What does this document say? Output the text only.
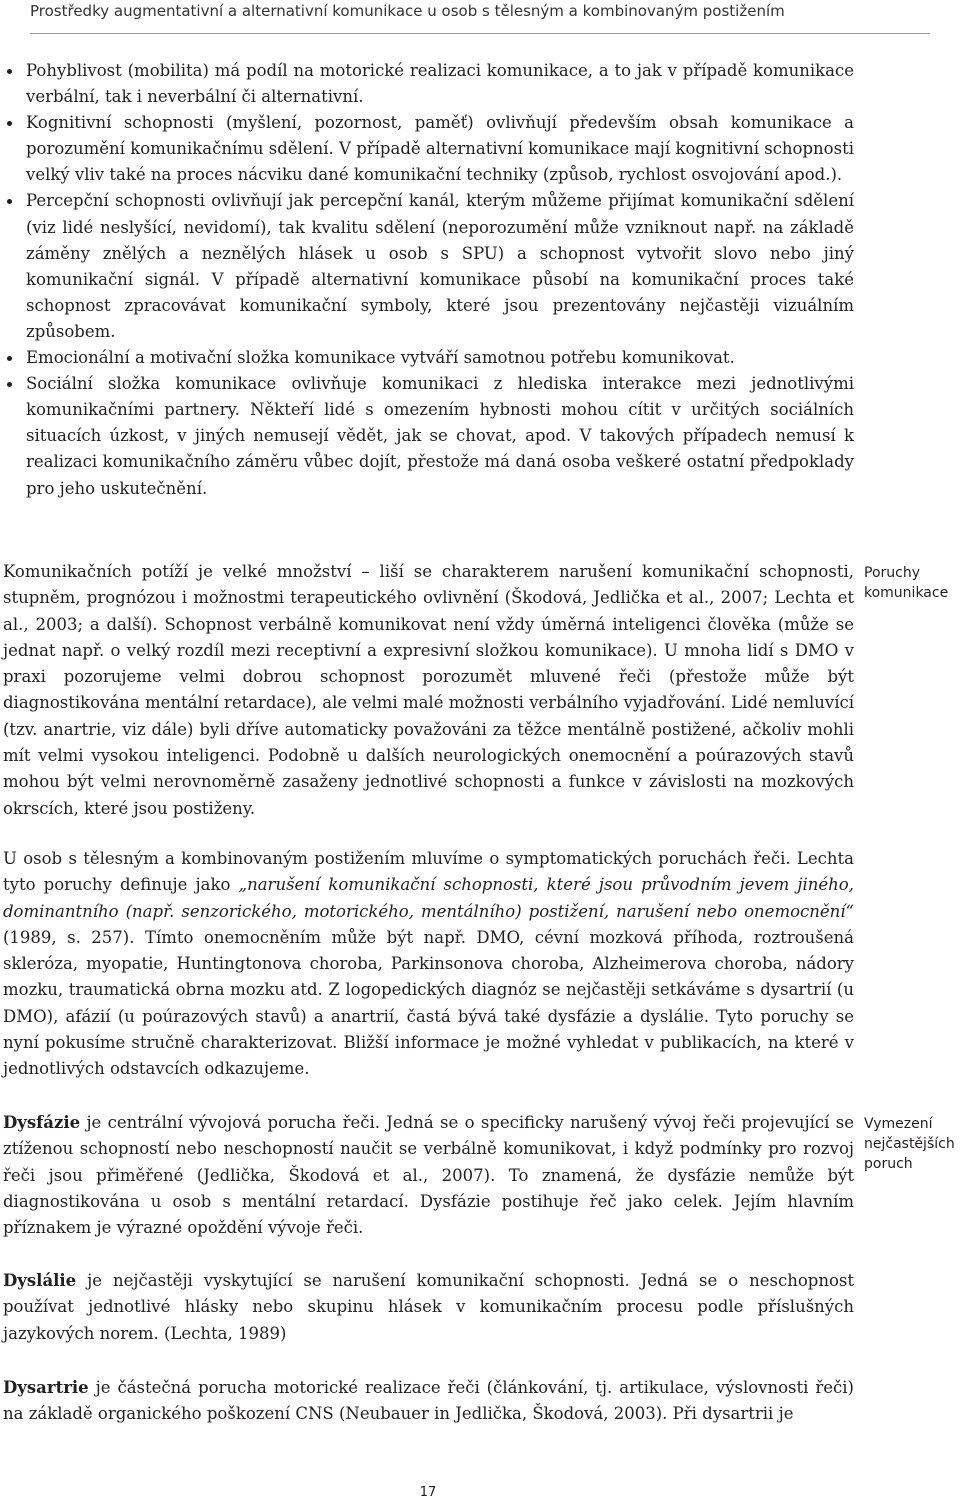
Prostředky augmentativní a alternativní komunikace u osob s tělesným a kombinovaným postižením
Pohyblivost (mobilita) má podíl na motorické realizaci komunikace, a to jak v případě komunikace verbální, tak i neverbální či alternativní.
Kognitivní schopnosti (myšlení, pozornost, paměť) ovlivňují především obsah komunikace a porozumění komunikačnímu sdělení. V případě alternativní komunikace mají kognitivní schopnosti velký vliv také na proces nácviku dané komunikační techniky (způsob, rychlost osvojování apod.).
Percepční schopnosti ovlivňují jak percepční kanál, kterým můžeme přijímat komunikační sdělení (viz lidé neslyšící, nevidomí), tak kvalitu sdělení (neporozumění může vzniknout např. na základě záměny znělých a neznělých hlásek u osob s SPU) a schopnost vytvořit slovo nebo jiný komunikační signál. V případě alternativní komunikace působí na komunikační proces také schopnost zpracovávat komunikační symboly, které jsou prezentovány nejčastěji vizuálním způsobem.
Emocionální a motivační složka komunikace vytváří samotnou potřebu komunikovat.
Sociální složka komunikace ovlivňuje komunikaci z hlediska interakce mezi jednotlivými komunikačními partnery. Někteří lidé s omezením hybnosti mohou cítit v určitých sociálních situacích úzkost, v jiných nemusejí vědět, jak se chovat, apod. V takových případech nemusí k realizaci komunikačního záměru vůbec dojít, přestože má daná osoba veškeré ostatní předpoklady pro jeho uskutečnění.

Komunikačních potíží je velké množství – liší se charakterem narušení komunikační schopnosti, stupněm, prognózou i možnostmi terapeutického ovlivnění (Škodová, Jedlička et al., 2007; Lechta et al., 2003; a další). Schopnost verbálně komunikovat není vždy úměrná inteligenci člověka (může se jednat např. o velký rozdíl mezi receptivní a expresivní složkou komunikace). U mnoha lidí s DMO v praxi pozorujeme velmi dobrou schopnost porozumět mluvené řeči (přestože může být diagnostikována mentální retardace), ale velmi malé možnosti verbálního vyjadřování. Lidé nemluvící (tzv. anartrie, viz dále) byli dříve automaticky považováni za těžce mentálně postižené, ačkoliv mohli mít velmi vysokou inteligenci. Podobně u dalších neurologických onemocnění a poúrazových stavů mohou být velmi nerovnoměrně zasaženy jednotlivé schopnosti a funkce v závislosti na mozkových okrscích, které jsou postiženy.

U osob s tělesným a kombinovaným postižením mluvíme o symptomatických poruchách řeči. Lechta tyto poruchy definuje jako „narušení komunikační schopnosti, které jsou průvodním jevem jiného, dominantního (např. senzorického, motorického, mentálního) postižení, narušení nebo onemocnění“ (1989, s. 257). Tímto onemocněním může být např. DMO, cévní mozková příhoda, roztroušená skleróza, myopatie, Huntingtonova choroba, Parkinsonova choroba, Alzheimerova choroba, nádory mozku, traumatická obrna mozku atd. Z logopedických diagnóz se nejčastěji setkáváme s dysartrií (u DMO), afázií (u poúrazových stavů) a anartrií, častá bývá také dysfázie a dyslálie. Tyto poruchy se nyní pokusíme stručně charakterizovat. Bližší informace je možné vyhledat v publikacích, na které v jednotlivých odstavcích odkazujeme.

Dysfázie je centrální vývojová porucha řeči. Jedná se o specificky narušený vývoj řeči projevující se ztíženou schopností nebo neschopností naučit se verbálně komunikovat, i když podmínky pro rozvoj řeči jsou přiměřené (Jedlička, Škodová et al., 2007). To znamená, že dysfázie nemůže být diagnostikována u osob s mentální retardací. Dysfázie postihuje řeč jako celek. Jejím hlavním příznakem je výrazné opoždění vývoje řeči.

Dyslálie je nejčastěji vyskytující se narušení komunikační schopnosti. Jedná se o neschopnost používat jednotlivé hlásky nebo skupinu hlásek v komunikačním procesu podle příslušných jazykových norem. (Lechta, 1989)

Dysartrie je částečná porucha motorické realizace řeči (článkování, tj. artikulace, výslovnosti řeči) na základě organického poškození CNS (Neubauer in Jedlička, Škodová, 2003). Při dysartrii je

Poruchy
komunikace
Vymezení
nejčastějších
poruch
17
